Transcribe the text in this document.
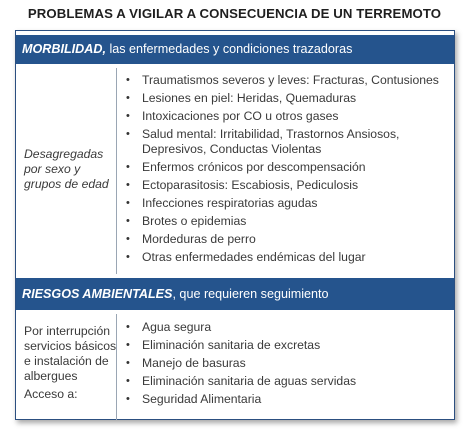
PROBLEMAS A VIGILAR A CONSECUENCIA DE UN TERREMOTO
MORBILIDAD, las enfermedades y condiciones trazadoras
Desagregadas
por sexo y
grupos de edad
• Traumatismos severos y leves: Fracturas, Contusiones
• Lesiones en piel: Heridas, Quemaduras
• Intoxicaciones por CO u otros gases
• Salud mental: Irritabilidad, Trastornos Ansiosos,
Depresivos, Conductas Violentas
• Enfermos crónicos por descompensación
• Ectoparasitosis: Escabiosis, Pediculosis
• Infecciones respiratorias agudas
• Brotes o epidemias
• Mordeduras de perro
• Otras enfermedades endémicas del lugar
RIESGOS AMBIENTALES , que requieren seguimiento
Por interrupción
servicios básicos
e instalación de
albergues
Acceso a:
• Agua segura
• Eliminación sanitaria de excretas
• Manejo de basuras
• Eliminación sanitaria de aguas servidas
• Seguridad Alimentaria
